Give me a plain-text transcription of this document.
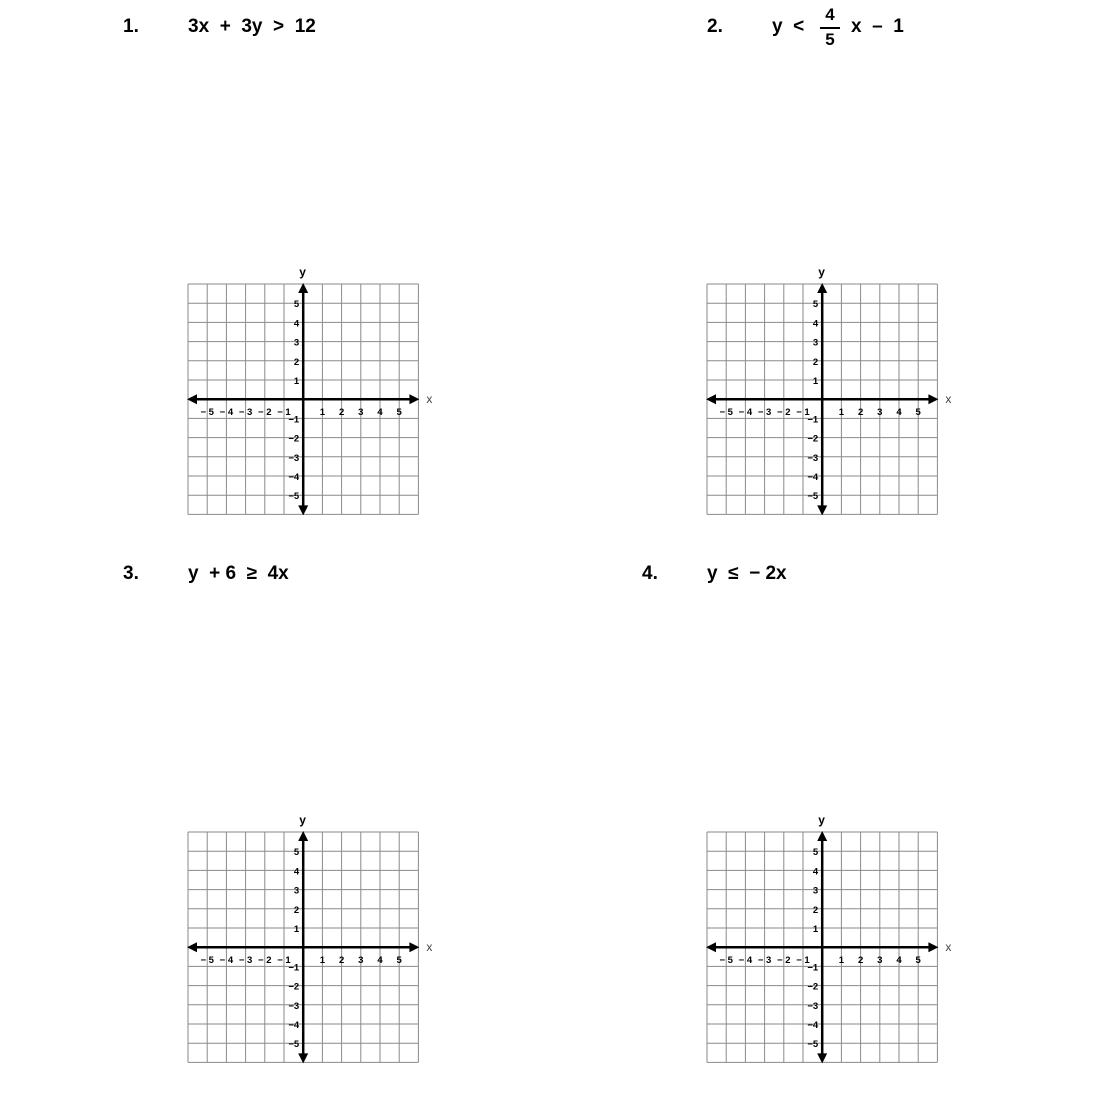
1.	3x  +  3y  >  12	2.	y  <
4
5
x  –  1
3.	y  + 6  ≥  4x	4.	y  ≤  − 2x
x
y
− 5 − 4 − 3 − 2 − 1	1 2 3 4 5
5
4
3
2
1
−1
−2
−3
−4
−5
x
y
− 5 − 4 − 3 − 2 − 1	1 2 3 4 5
5
4
3
2
1
−1
−2
−3
−4
−5
x
y
− 5 − 4 − 3 − 2 − 1	1 2 3 4 5
5
4
3
2
1
−1
−2
−3
−4
−5
x
y
− 5 − 4 − 3 − 2 − 1	1 2 3 4 5
5
4
3
2
1
−1
−2
−3
−4
−5
